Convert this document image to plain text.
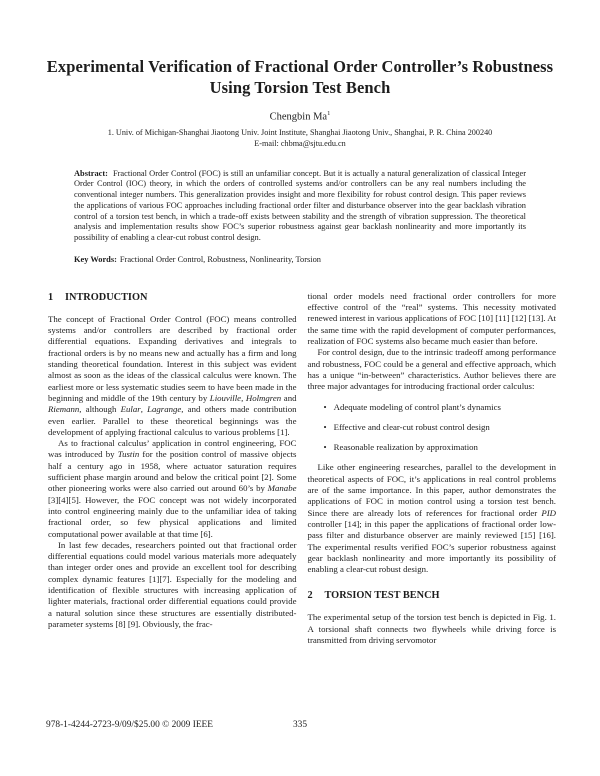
Experimental Verification of Fractional Order Controller’s Robustness
Using Torsion Test Bench
Chengbin Ma$^1$
1. Univ. of Michigan-Shanghai Jiaotong Univ. Joint Institute, Shanghai Jiaotong Univ., Shanghai, P. R. China 200240
E-mail: chbma@sjtu.edu.cn

Abstract: Fractional Order Control (FOC) is still an unfamiliar concept. But it is actually a natural generalization of classical Integer Order Control (IOC) theory, in which the orders of controlled systems and/or controllers can be any real numbers including the conventional integer numbers. This generalization provides insight and more flexibility for robust control design. This paper reviews the applications of various FOC approaches including fractional order filter and disturbance observer into the gear backlash vibration control of a torsion test bench, in which a trade-off exists between stability and the strength of vibration suppression. The theoretical analysis and implementation results show FOC’s superior robustness against gear backlash nonlinearity and more importantly its possibility of enabling a clear-cut robust control design.

Key Words: Fractional Order Control, Robustness, Nonlinearity, Torsion

1 INTRODUCTION

The concept of Fractional Order Control (FOC) means controlled systems and/or controllers are described by fractional order differential equations. Expanding derivatives and integrals to fractional orders is by no means new and actually has a firm and long standing theoretical foundation. Interest in this subject was evident almost as soon as the ideas of the classical calculus were known. The earliest more or less systematic studies seem to have been made in the beginning and middle of the 19th century by Liouville, Holmgren and Riemann, although Eular, Lagrange, and others made contribution even earlier. Parallel to these theoretical beginnings was the development of applying fractional calculus to various problems [1].

As to fractional calculus’ application in control engineering, FOC was introduced by Tustin for the position control of massive objects half a century ago in 1958, where actuator saturation requires sufficient phase margin around and below the critical point [2]. Some other pioneering works were also carried out around 60’s by Manabe [3][4][5]. However, the FOC concept was not widely incorporated into control engineering mainly due to the unfamiliar idea of taking fractional order, so few physical applications and limited computational power available at that time [6].

In last few decades, researchers pointed out that fractional order differential equations could model various materials more adequately than integer order ones and provide an excellent tool for describing complex dynamic features [1][7]. Especially for the modeling and identification of flexible structures with increasing application of lighter materials, fractional order differential equations could provide a natural solution since these structures are essentially distributed-parameter systems [8] [9]. Obviously, the frac-

tional order models need fractional order controllers for more effective control of the “real” systems. This necessity motivated renewed interest in various applications of FOC [10] [11] [12] [13]. At the same time with the rapid development of computer performances, realization of FOC systems also became much easier than before.

For control design, due to the intrinsic tradeoff among performance and robustness, FOC could be a general and effective approach, which has a unique “in-between” characteristics. Author believes there are three major advantages for introducing fractional order calculus:

• Adequate modeling of control plant’s dynamics
• Effective and clear-cut robust control design
• Reasonable realization by approximation

Like other engineering researches, parallel to the development in theoretical aspects of FOC, it’s applications in real control problems are of the same importance. In this paper, author demonstrates the applications of FOC in motion control using a torsion test bench. Since there are already lots of references for fractional order PID controller [14]; in this paper the applications of fractional order low-pass filter and disturbance observer are mainly reviewed [15] [16]. The experimental results verified FOC’s superior robustness against gear backlash nonlinearity and more importantly its possibility of enabling a clear-cut robust design.

2 TORSION TEST BENCH

The experimental setup of the torsion test bench is depicted in Fig. 1. A torsional shaft connects two flywheels while driving force is transmitted from driving servomotor

978-1-4244-2723-9/09/$25.00 © 2009 IEEE	335
